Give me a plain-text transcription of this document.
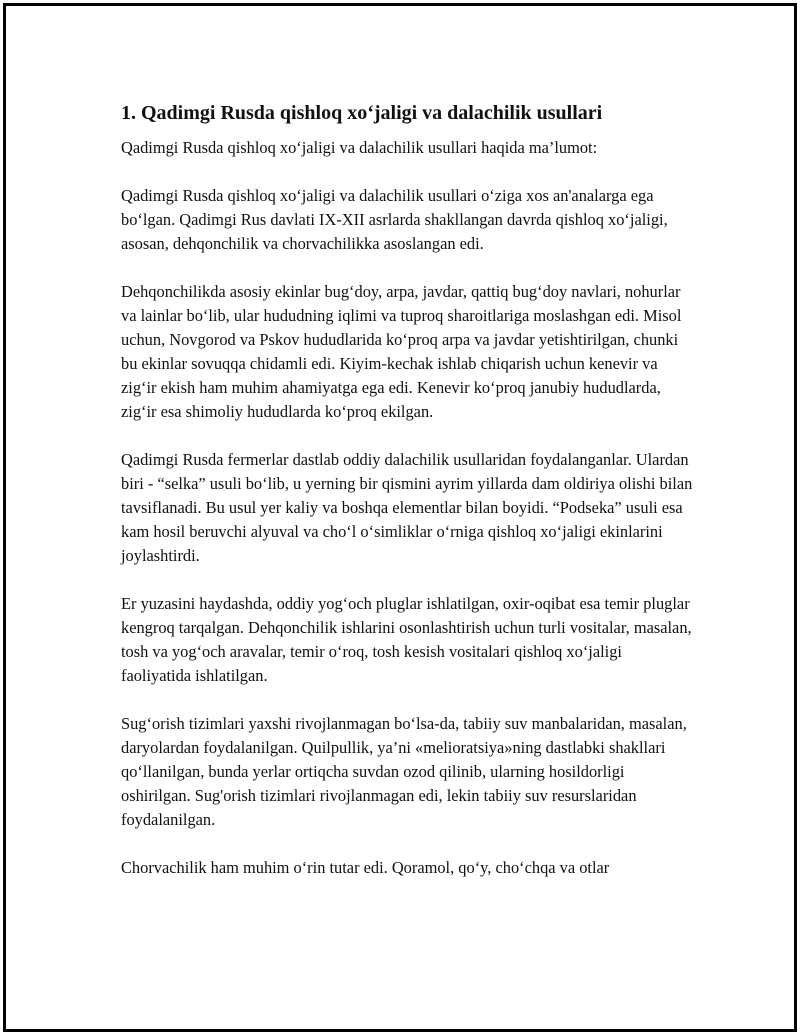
1. Qadimgi Rusda qishloq xo‘jaligi va dalachilik usullari

Qadimgi Rusda qishloq xo‘jaligi va dalachilik usullari haqida ma’lumot:

Qadimgi Rusda qishloq xo‘jaligi va dalachilik usullari o‘ziga xos an'analarga ega bo‘lgan. Qadimgi Rus davlati IX-XII asrlarda shakllangan davrda qishloq xo‘jaligi, asosan, dehqonchilik va chorvachilikka asoslangan edi.

Dehqonchilikda asosiy ekinlar bug‘doy, arpa, javdar, qattiq bug‘doy navlari, nohurlar va lainlar bo‘lib, ular hududning iqlimi va tuproq sharoitlariga moslashgan edi. Misol uchun, Novgorod va Pskov hududlarida ko‘proq arpa va javdar yetishtirilgan, chunki bu ekinlar sovuqqa chidamli edi. Kiyim-kechak ishlab chiqarish uchun kenevir va zig‘ir ekish ham muhim ahamiyatga ega edi. Kenevir ko‘proq janubiy hududlarda, zig‘ir esa shimoliy hududlarda ko‘proq ekilgan.

Qadimgi Rusda fermerlar dastlab oddiy dalachilik usullaridan foydalanganlar. Ulardan biri - “selka” usuli bo‘lib, u yerning bir qismini ayrim yillarda dam oldiriya olishi bilan tavsiflanadi. Bu usul yer kaliy va boshqa elementlar bilan boyidi. “Podseka” usuli esa kam hosil beruvchi alyuval va cho‘l o‘simliklar o‘rniga qishloq xo‘jaligi ekinlarini joylashtirdi.

Er yuzasini haydashda, oddiy yog‘och pluglar ishlatilgan, oxir-oqibat esa temir pluglar kengroq tarqalgan. Dehqonchilik ishlarini osonlashtirish uchun turli vositalar, masalan, tosh va yog‘och aravalar, temir o‘roq, tosh kesish vositalari qishloq xo‘jaligi faoliyatida ishlatilgan.

Sug‘orish tizimlari yaxshi rivojlanmagan bo‘lsa-da, tabiiy suv manbalaridan, masalan, daryolardan foydalanilgan. Quilpullik, ya’ni «melioratsiya»ning dastlabki shakllari qo‘llanilgan, bunda yerlar ortiqcha suvdan ozod qilinib, ularning hosildorligi oshirilgan. Sug'orish tizimlari rivojlanmagan edi, lekin tabiiy suv resurslaridan foydalanilgan.

Chorvachilik ham muhim o‘rin tutar edi. Qoramol, qo‘y, cho‘chqa va otlar
